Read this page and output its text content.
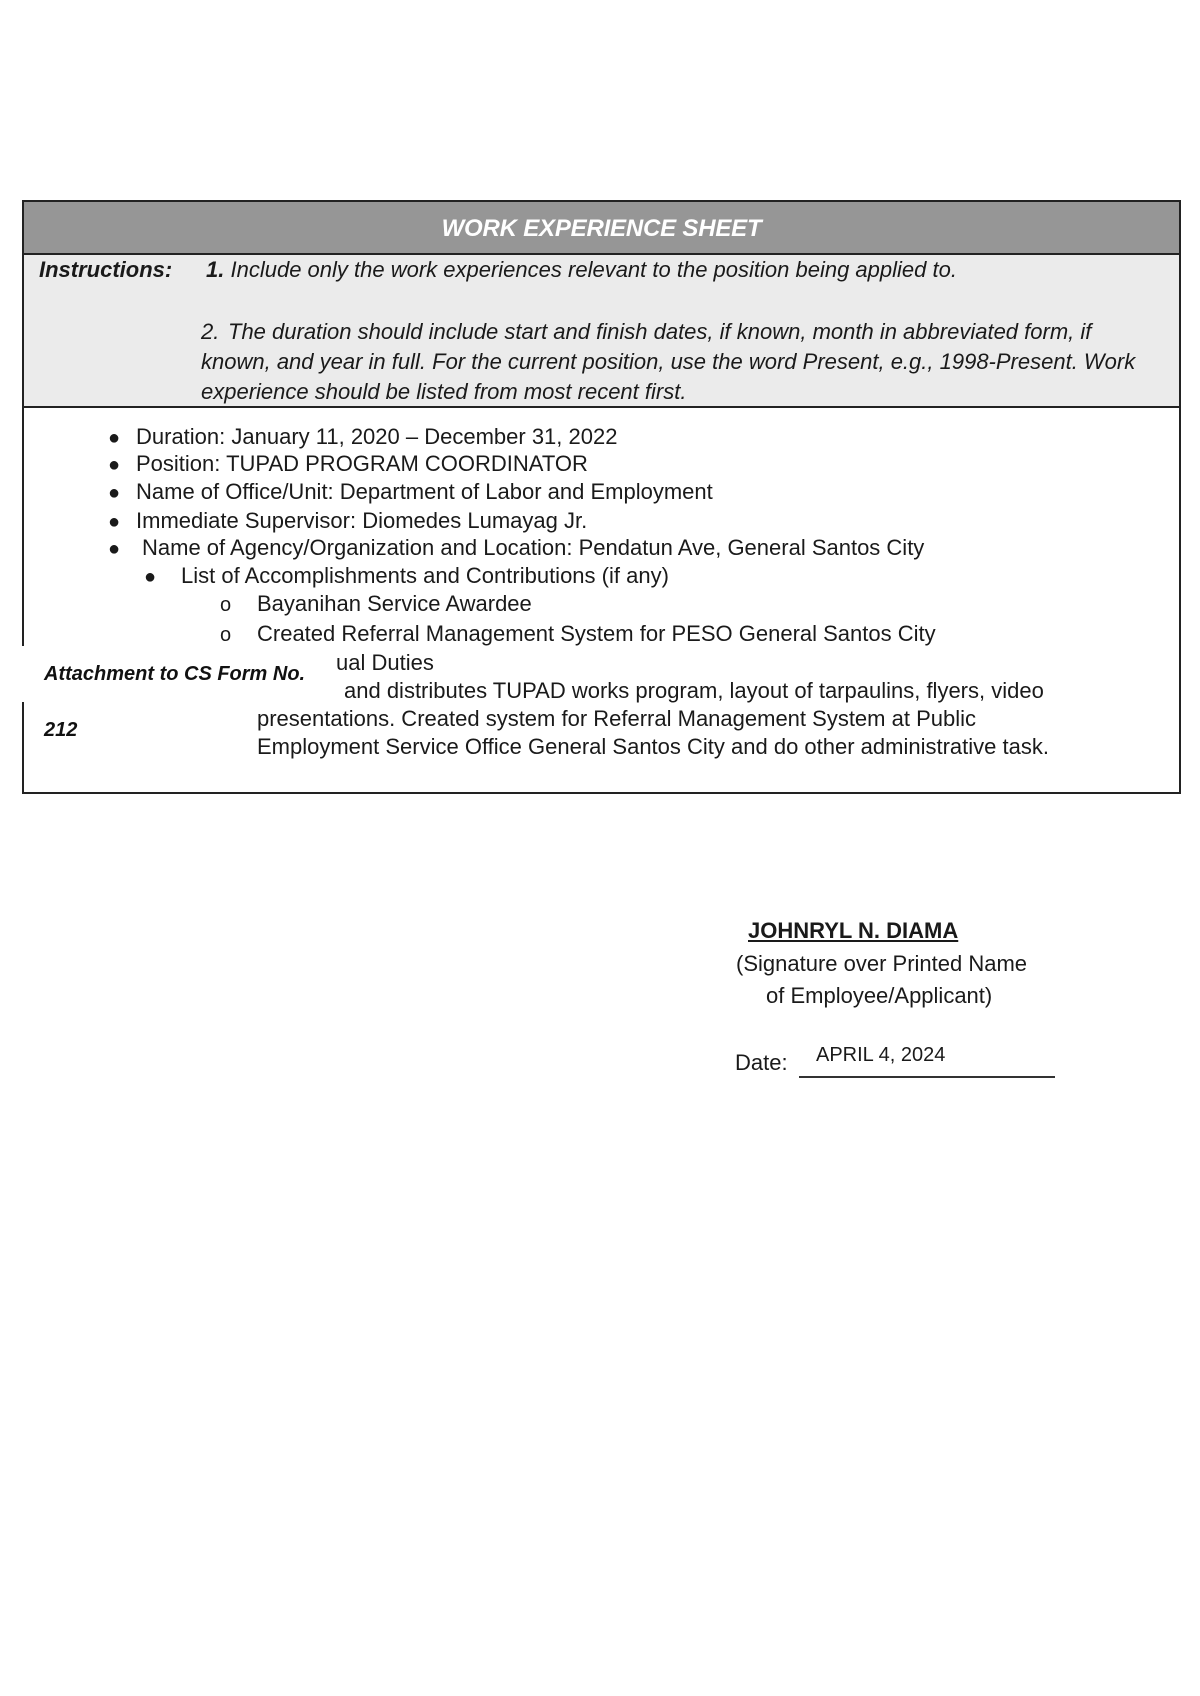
WORK EXPERIENCE SHEET
Instructions: 1. Include only the work experiences relevant to the position being applied to.
2. The duration should include start and finish dates, if known, month in abbreviated form, if known, and year in full. For the current position, use the word Present, e.g., 1998-Present. Work experience should be listed from most recent first.
● Duration: January 11, 2020 – December 31, 2022
● Position: TUPAD PROGRAM COORDINATOR
● Name of Office/Unit: Department of Labor and Employment
● Immediate Supervisor: Diomedes Lumayag Jr.
● Name of Agency/Organization and Location: Pendatun Ave, General Santos City
● List of Accomplishments and Contributions (if any)
o Bayanihan Service Awardee
o Created Referral Management System for PESO General Santos City
ual Duties
and distributes TUPAD works program, layout of tarpaulins, flyers, video
presentations. Created system for Referral Management System at Public
Employment Service Office General Santos City and do other administrative task.
Attachment to CS Form No. 212
JOHNRYL N. DIAMA
(Signature over Printed Name
of Employee/Applicant)
Date: APRIL 4, 2024
